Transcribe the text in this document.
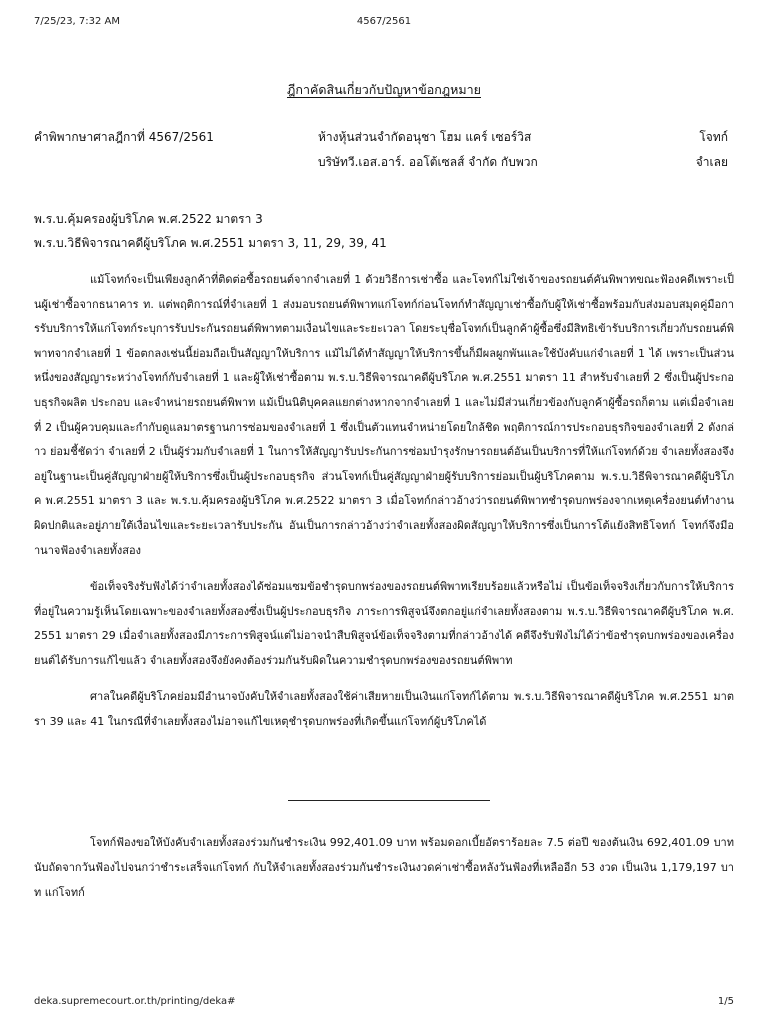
7/25/23, 7:32 AM	4567/2561
ฎีกาคัดสินเกี่ยวกับปัญหาข้อกฎหมาย
คำพิพากษาศาลฎีกาที่ 4567/2561	ห้างหุ้นส่วนจำกัดอนุชา โฮม แคร์ เซอร์วิส	โจทก์
บริษัทวี.เอส.อาร์. ออโต้เซลส์ จำกัด กับพวก	จำเลย
พ.ร.บ.คุ้มครองผู้บริโภค พ.ศ.2522 มาตรา 3
พ.ร.บ.วิธีพิจารณาคดีผู้บริโภค พ.ศ.2551 มาตรา 3, 11, 29, 39, 41
แม้โจทก์จะเป็นเพียงลูกค้าที่ติดต่อซื้อรถยนต์จากจำเลยที่ 1 ด้วยวิธีการเช่าซื้อ และโจทก์ไม่ใช่เจ้าของรถยนต์คันพิพาทขณะฟ้องคดีเพราะเป็นผู้เช่าซื้อจากธนาคาร ท. แต่พฤติการณ์ที่จำเลยที่ 1 ส่งมอบรถยนต์พิพาทแก่โจทก์ก่อนโจทก์ทำสัญญาเช่าซื้อกับผู้ให้เช่าซื้อพร้อมกับส่งมอบสมุดคู่มือการรับบริการให้แก่โจทก์ระบุการรับประกันรถยนต์พิพาทตามเงื่อนไขและระยะเวลา โดยระบุชื่อโจทก์เป็นลูกค้าผู้ซื้อซึ่งมีสิทธิเข้ารับบริการเกี่ยวกับรถยนต์พิพาทจากจำเลยที่ 1 ข้อตกลงเช่นนี้ย่อมถือเป็นสัญญาให้บริการ แม้ไม่ได้ทำสัญญาให้บริการขึ้นก็มีผลผูกพันและใช้บังคับแก่จำเลยที่ 1 ได้ เพราะเป็นส่วนหนึ่งของสัญญาระหว่างโจทก์กับจำเลยที่ 1 และผู้ให้เช่าซื้อตาม พ.ร.บ.วิธีพิจารณาคดีผู้บริโภค พ.ศ.2551 มาตรา 11 สำหรับจำเลยที่ 2 ซึ่งเป็นผู้ประกอบธุรกิจผลิต ประกอบ และจำหน่ายรถยนต์พิพาท แม้เป็นนิติบุคคลแยกต่างหากจากจำเลยที่ 1 และไม่มีส่วนเกี่ยวข้องกับลูกค้าผู้ซื้อรถก็ตาม แต่เมื่อจำเลยที่ 2 เป็นผู้ควบคุมและกำกับดูแลมาตรฐานการซ่อมของจำเลยที่ 1 ซึ่งเป็นตัวแทนจำหน่ายโดยใกล้ชิด พฤติการณ์การประกอบธุรกิจของจำเลยที่ 2 ดังกล่าว ย่อมชี้ชัดว่า จำเลยที่ 2 เป็นผู้ร่วมกับจำเลยที่ 1 ในการให้สัญญารับประกันการซ่อมบำรุงรักษารถยนต์อันเป็นบริการที่ให้แก่โจทก์ด้วย จำเลยทั้งสองจึงอยู่ในฐานะเป็นคู่สัญญาฝ่ายผู้ให้บริการซึ่งเป็นผู้ประกอบธุรกิจ ส่วนโจทก์เป็นคู่สัญญาฝ่ายผู้รับบริการย่อมเป็นผู้บริโภคตาม พ.ร.บ.วิธีพิจารณาคดีผู้บริโภค พ.ศ.2551 มาตรา 3 และ พ.ร.บ.คุ้มครองผู้บริโภค พ.ศ.2522 มาตรา 3 เมื่อโจทก์กล่าวอ้างว่ารถยนต์พิพาทชำรุดบกพร่องจากเหตุเครื่องยนต์ทำงานผิดปกติและอยู่ภายใต้เงื่อนไขและระยะเวลารับประกัน อันเป็นการกล่าวอ้างว่าจำเลยทั้งสองผิดสัญญาให้บริการซึ่งเป็นการโต้แย้งสิทธิโจทก์ โจทก์จึงมีอำนาจฟ้องจำเลยทั้งสอง
ข้อเท็จจริงรับฟังได้ว่าจำเลยทั้งสองได้ซ่อมแซมข้อชำรุดบกพร่องของรถยนต์พิพาทเรียบร้อยแล้วหรือไม่ เป็นข้อเท็จจริงเกี่ยวกับการให้บริการที่อยู่ในความรู้เห็นโดยเฉพาะของจำเลยทั้งสองซึ่งเป็นผู้ประกอบธุรกิจ ภาระการพิสูจน์จึงตกอยู่แก่จำเลยทั้งสองตาม พ.ร.บ.วิธีพิจารณาคดีผู้บริโภค พ.ศ.2551 มาตรา 29 เมื่อจำเลยทั้งสองมีภาระการพิสูจน์แต่ไม่อาจนำสืบพิสูจน์ข้อเท็จจริงตามที่กล่าวอ้างได้ คดีจึงรับฟังไม่ได้ว่าข้อชำรุดบกพร่องของเครื่องยนต์ได้รับการแก้ไขแล้ว จำเลยทั้งสองจึงยังคงต้องร่วมกันรับผิดในความชำรุดบกพร่องของรถยนต์พิพาท
ศาลในคดีผู้บริโภคย่อมมีอำนาจบังคับให้จำเลยทั้งสองใช้ค่าเสียหายเป็นเงินแก่โจทก์ได้ตาม พ.ร.บ.วิธีพิจารณาคดีผู้บริโภค พ.ศ.2551 มาตรา 39 และ 41 ในกรณีที่จำเลยทั้งสองไม่อาจแก้ไขเหตุชำรุดบกพร่องที่เกิดขึ้นแก่โจทก์ผู้บริโภคได้
โจทก์ฟ้องขอให้บังคับจำเลยทั้งสองร่วมกันชำระเงิน 992,401.09 บาท พร้อมดอกเบี้ยอัตราร้อยละ 7.5 ต่อปี ของต้นเงิน 692,401.09 บาท นับถัดจากวันฟ้องไปจนกว่าชำระเสร็จแก่โจทก์ กับให้จำเลยทั้งสองร่วมกันชำระเงินงวดค่าเช่าซื้อหลังวันฟ้องที่เหลืออีก 53 งวด เป็นเงิน 1,179,197 บาท แก่โจทก์
deka.supremecourt.or.th/printing/deka#	1/5
